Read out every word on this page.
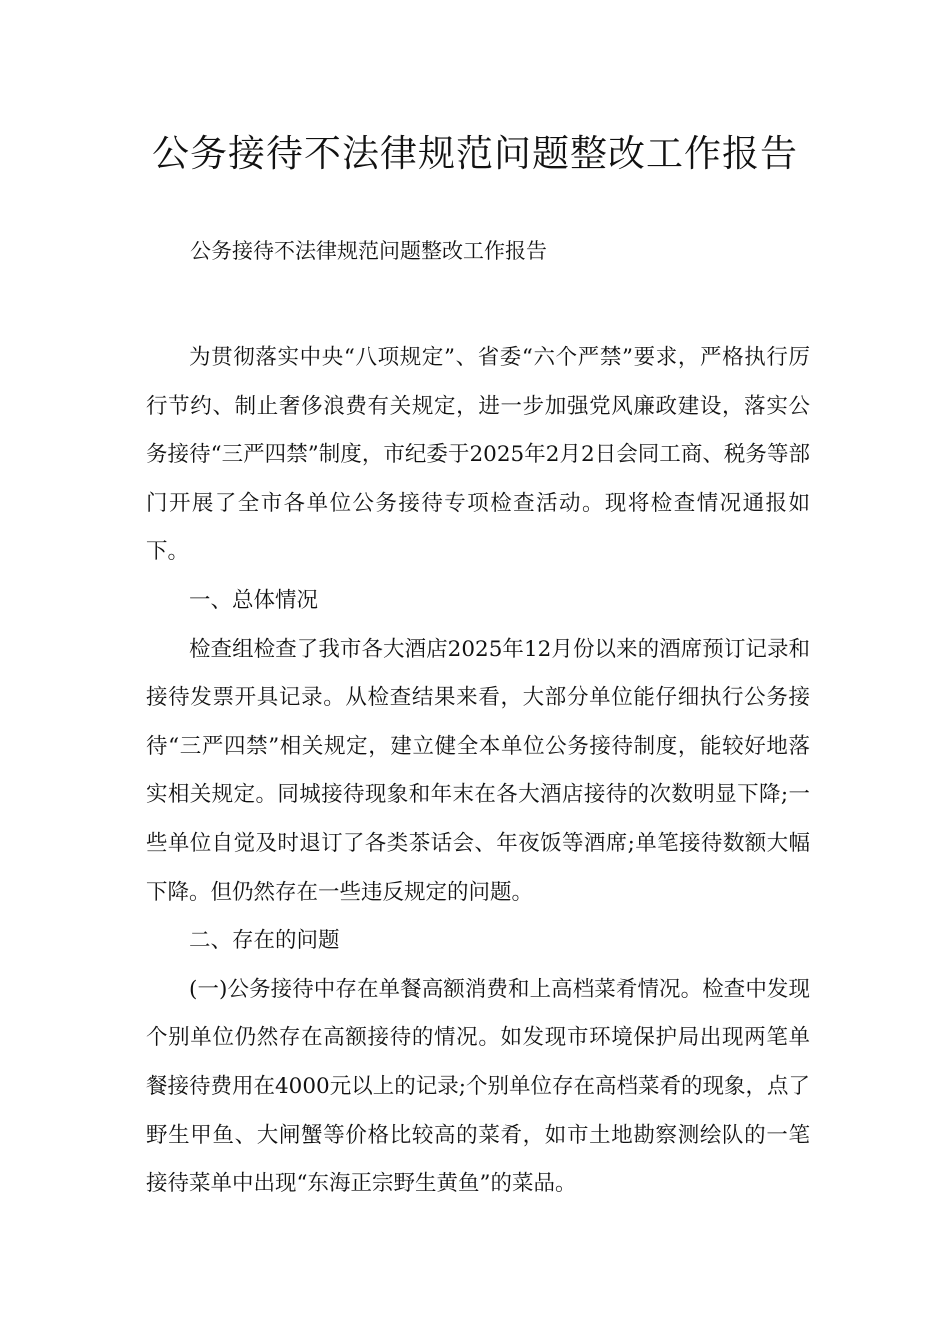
公务接待不法律规范问题整改工作报告

公务接待不法律规范问题整改工作报告

为贯彻落实中央“八项规定”、省委“六个严禁”要求，严格执行厉行节约、制止奢侈浪费有关规定，进一步加强党风廉政建设，落实公务接待“三严四禁”制度，市纪委于2025年2月2日会同工商、税务等部门开展了全市各单位公务接待专项检查活动。现将检查情况通报如下。

一、总体情况

检查组检查了我市各大酒店2025年12月份以来的酒席预订记录和接待发票开具记录。从检查结果来看，大部分单位能仔细执行公务接待“三严四禁”相关规定，建立健全本单位公务接待制度，能较好地落实相关规定。同城接待现象和年末在各大酒店接待的次数明显下降;一些单位自觉及时退订了各类茶话会、年夜饭等酒席;单笔接待数额大幅下降。但仍然存在一些违反规定的问题。

二、存在的问题

(一)公务接待中存在单餐高额消费和上高档菜肴情况。检查中发现个别单位仍然存在高额接待的情况。如发现市环境保护局出现两笔单餐接待费用在4000元以上的记录;个别单位存在高档菜肴的现象，点了野生甲鱼、大闸蟹等价格比较高的菜肴，如市土地勘察测绘队的一笔接待菜单中出现“东海正宗野生黄鱼”的菜品。
